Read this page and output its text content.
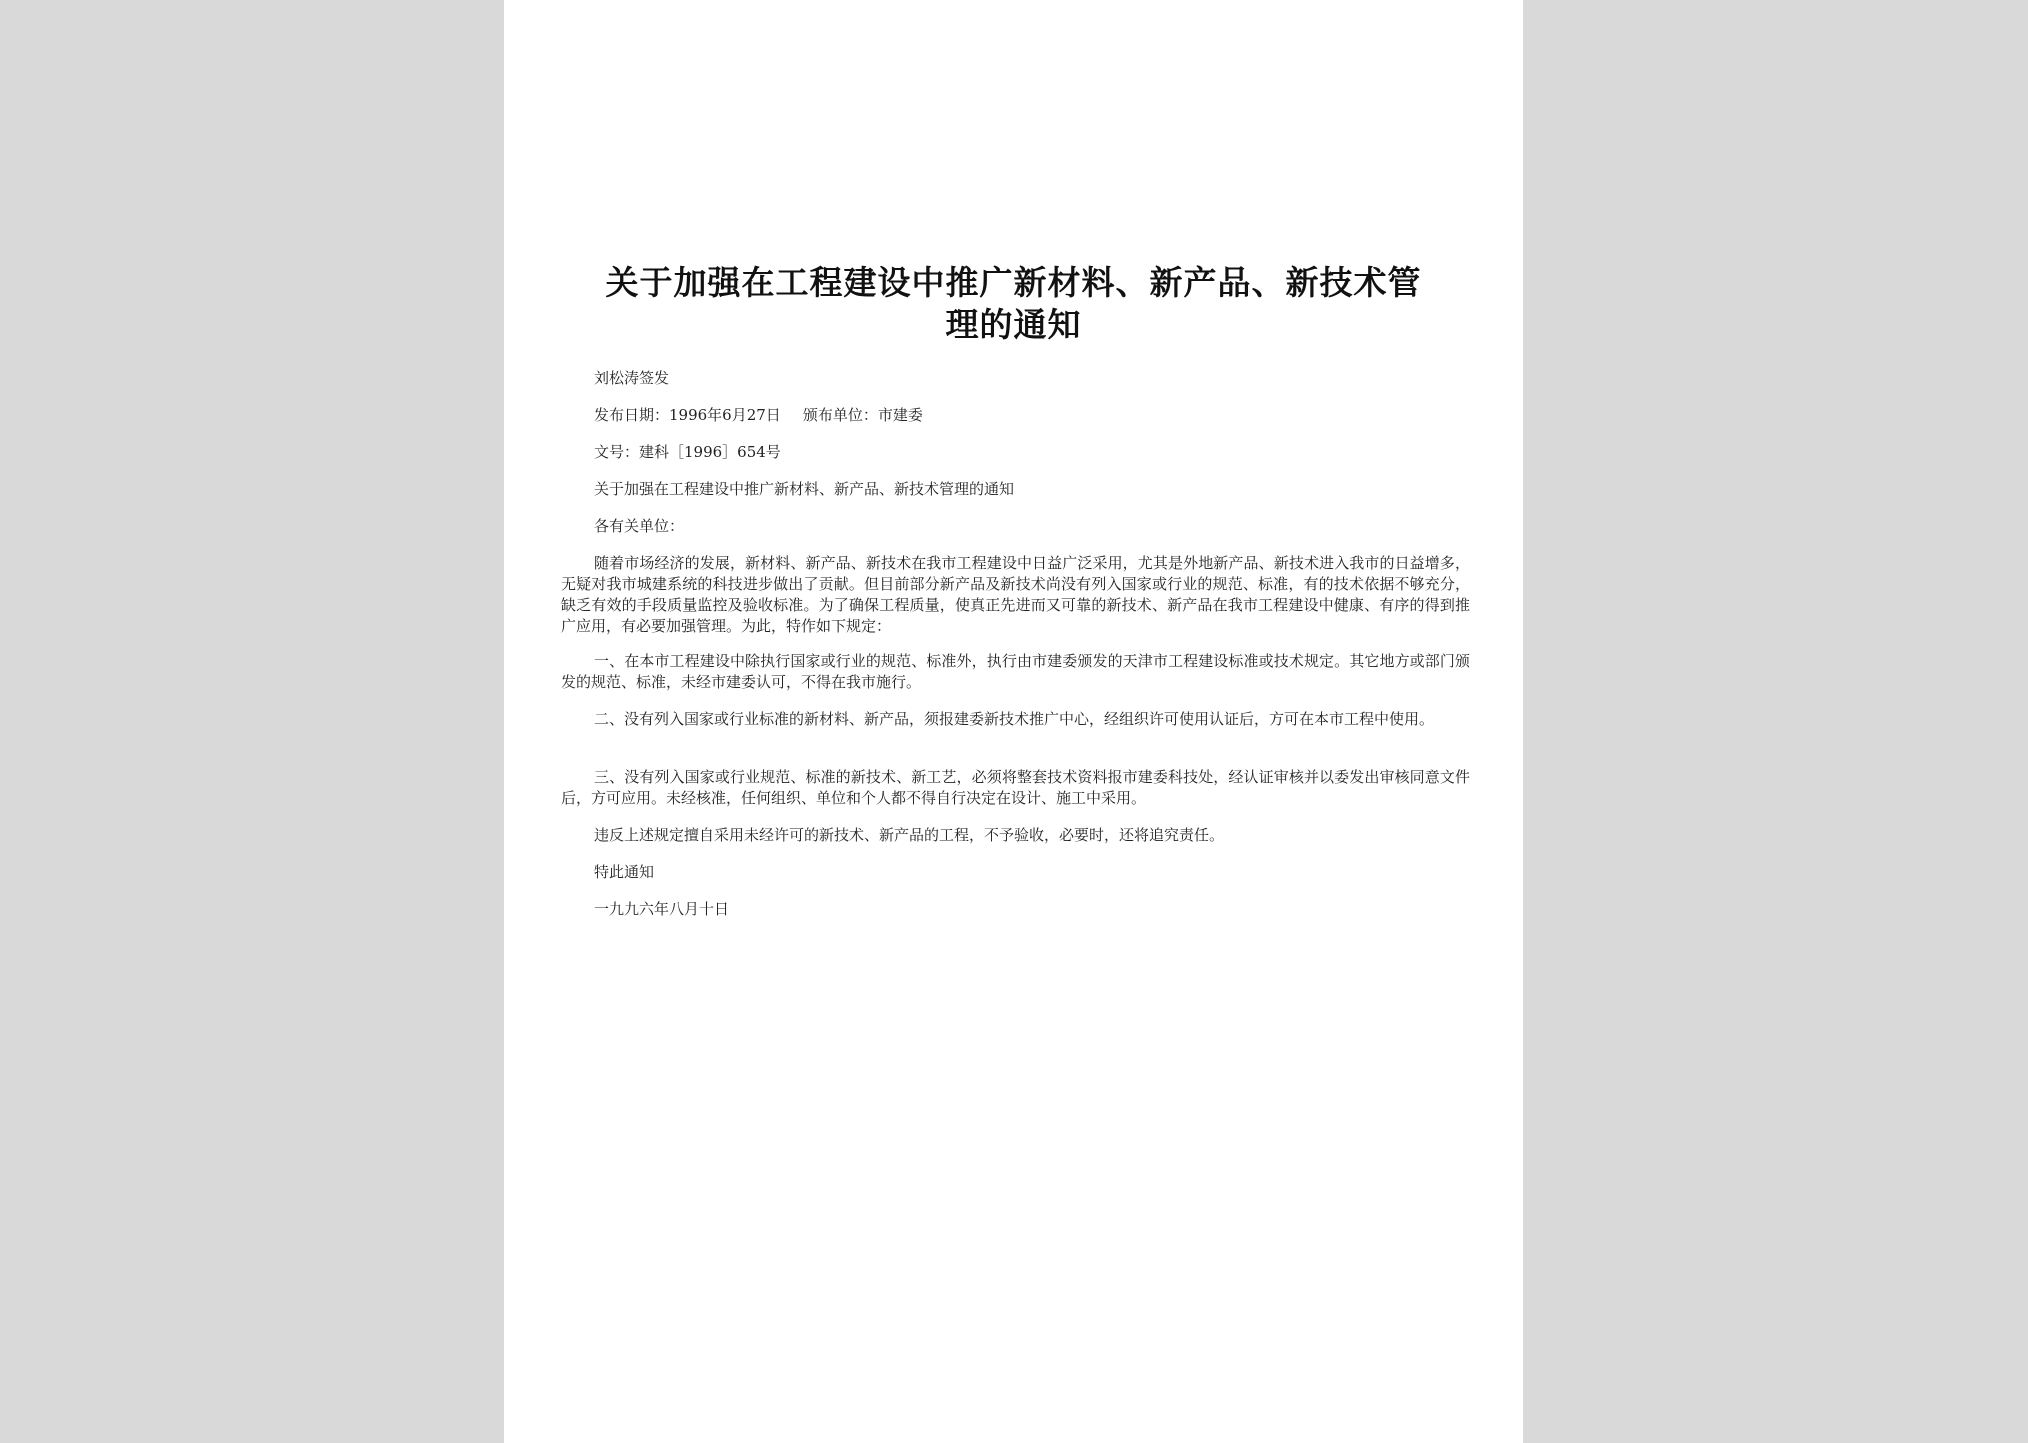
关于加强在工程建设中推广新材料、新产品、新技术管
理的通知
刘松涛签发
发布日期：1996年6月27日 颁布单位：市建委
文号：建科［1996］654号
关于加强在工程建设中推广新材料、新产品、新技术管理的通知
各有关单位：
随着市场经济的发展，新材料、新产品、新技术在我市工程建设中日益广泛采用，尤其是外地新产品、新技术进入我市的日益增多，无疑对我市城建系统的科技进步做出了贡献。但目前部分新产品及新技术尚没有列入国家或行业的规范、标准，有的技术依据不够充分，缺乏有效的手段质量监控及验收标准。为了确保工程质量，使真正先进而又可靠的新技术、新产品在我市工程建设中健康、有序的得到推广应用，有必要加强管理。为此，特作如下规定：
一、在本市工程建设中除执行国家或行业的规范、标准外，执行由市建委颁发的天津市工程建设标准或技术规定。其它地方或部门颁发的规范、标准，未经市建委认可，不得在我市施行。
二、没有列入国家或行业标准的新材料、新产品，须报建委新技术推广中心，经组织许可使用认证后，方可在本市工程中使用。
三、没有列入国家或行业规范、标准的新技术、新工艺，必须将整套技术资料报市建委科技处，经认证审核并以委发出审核同意文件后，方可应用。未经核准，任何组织、单位和个人都不得自行决定在设计、施工中采用。
违反上述规定擅自采用未经许可的新技术、新产品的工程，不予验收，必要时，还将追究责任。
特此通知
一九九六年八月十日
